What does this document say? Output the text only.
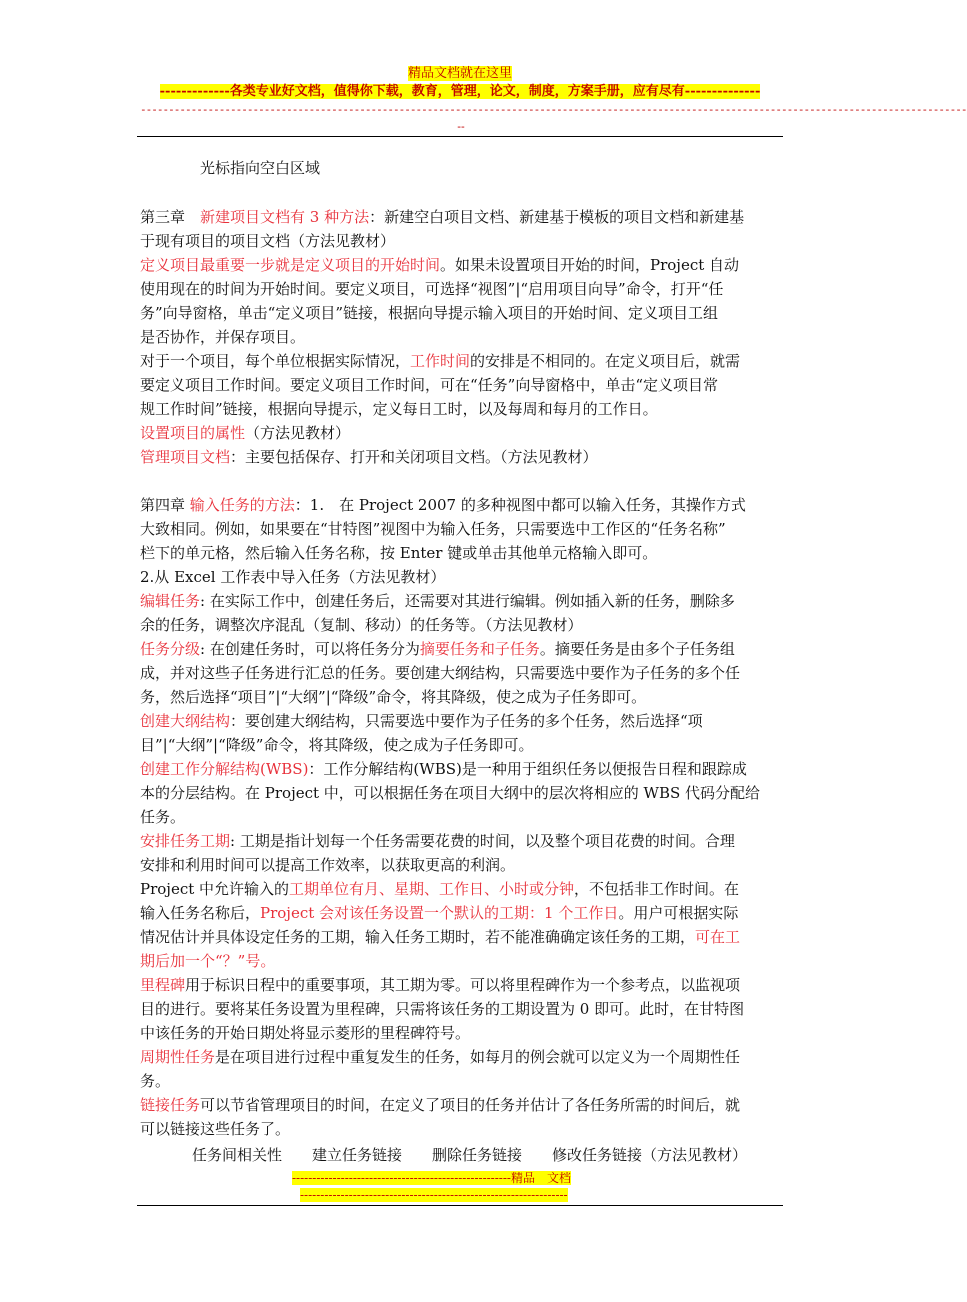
精品文档就在这里
-------------各类专业好文档，值得你下载，教育，管理，论文，制度，方案手册，应有尽有--------------
---------------------------------------------------------------------------------------------------------------------------------------------------
--
光标指向空白区域
第三章　新建项目文档有 3 种方法：新建空白项目文档、新建基于模板的项目文档和新建基
于现有项目的项目文档（方法见教材）
定义项目最重要一步就是定义项目的开始时间。如果未设置项目开始的时间，Project 自动
使用现在的时间为开始时间。要定义项目，可选择“视图”|“启用项目向导”命令，打开“任
务”向导窗格，单击“定义项目”链接，根据向导提示输入项目的开始时间、定义项目工组
是否协作，并保存项目。
对于一个项目，每个单位根据实际情况，工作时间的安排是不相同的。在定义项目后，就需
要定义项目工作时间。要定义项目工作时间，可在“任务”向导窗格中，单击“定义项目常
规工作时间”链接，根据向导提示，定义每日工时，以及每周和每月的工作日。
设置项目的属性（方法见教材）
管理项目文档：主要包括保存、打开和关闭项目文档。（方法见教材）
第四章 输入任务的方法：1.　在 Project 2007 的多种视图中都可以输入任务，其操作方式
大致相同。例如，如果要在“甘特图”视图中为输入任务，只需要选中工作区的“任务名称”
栏下的单元格，然后输入任务名称，按 Enter 键或单击其他单元格输入即可。
2.从 Excel 工作表中导入任务（方法见教材）
编辑任务: 在实际工作中，创建任务后，还需要对其进行编辑。例如插入新的任务，删除多
余的任务，调整次序混乱（复制、移动）的任务等。（方法见教材）
任务分级: 在创建任务时，可以将任务分为摘要任务和子任务。摘要任务是由多个子任务组
成，并对这些子任务进行汇总的任务。要创建大纲结构，只需要选中要作为子任务的多个任
务，然后选择“项目”|“大纲”|“降级”命令，将其降级，使之成为子任务即可。
创建大纲结构：要创建大纲结构，只需要选中要作为子任务的多个任务，然后选择“项
目”|“大纲”|“降级”命令，将其降级，使之成为子任务即可。
创建工作分解结构(WBS)：工作分解结构(WBS)是一种用于组织任务以便报告日程和跟踪成
本的分层结构。在 Project 中，可以根据任务在项目大纲中的层次将相应的 WBS 代码分配给
任务。
安排任务工期: 工期是指计划每一个任务需要花费的时间，以及整个项目花费的时间。合理
安排和利用时间可以提高工作效率，以获取更高的利润。
Project 中允许输入的工期单位有月、星期、工作日、小时或分钟，不包括非工作时间。在
输入任务名称后，Project 会对该任务设置一个默认的工期：1 个工作日。用户可根据实际
情况估计并具体设定任务的工期，输入任务工期时，若不能准确确定该任务的工期，可在工
期后加一个“？”号。
里程碑用于标识日程中的重要事项，其工期为零。可以将里程碑作为一个参考点，以监视项
目的进行。要将某任务设置为里程碑，只需将该任务的工期设置为 0 即可。此时，在甘特图
中该任务的开始日期处将显示菱形的里程碑符号。
周期性任务是在项目进行过程中重复发生的任务，如每月的例会就可以定义为一个周期性任
务。
链接任务可以节省管理项目的时间，在定义了项目的任务并估计了各任务所需的时间后，就
可以链接这些任务了。
任务间相关性　　建立任务链接　　删除任务链接　　修改任务链接（方法见教材）
------------------------------------------------------精品　文档
------------------------------------------------------------------
